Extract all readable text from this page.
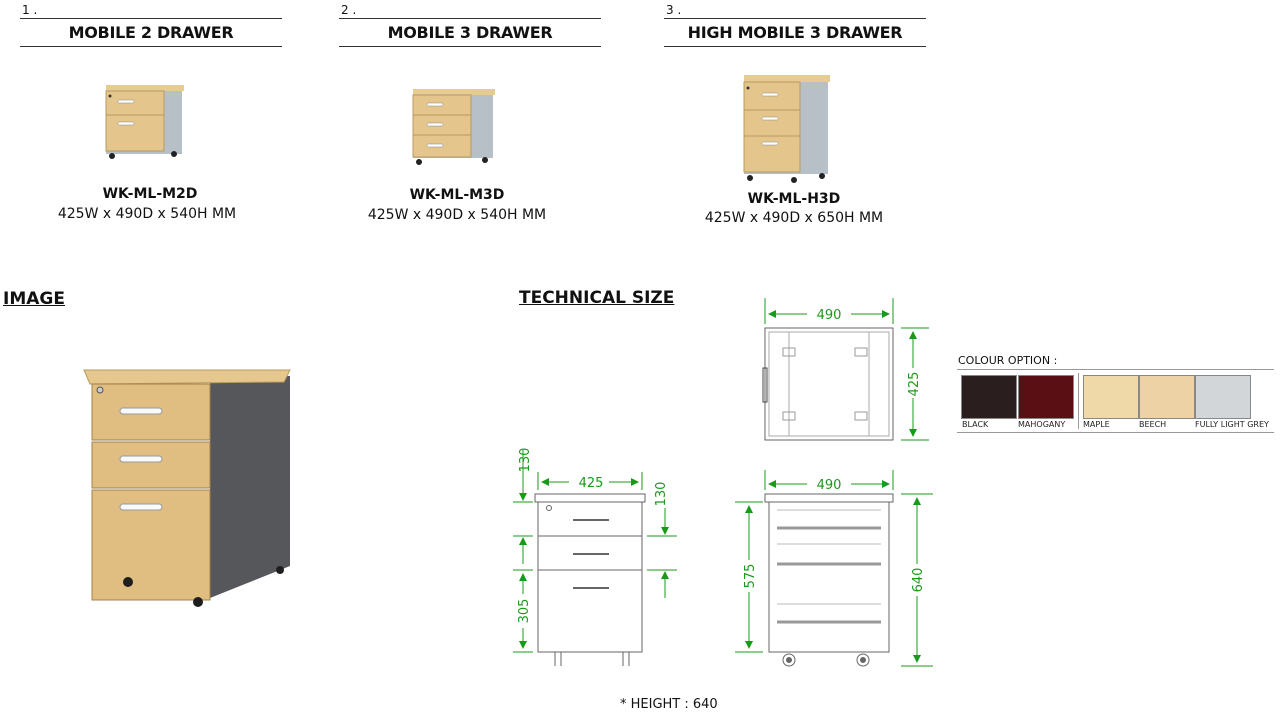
1 .
MOBILE 2 DRAWER
2 .
MOBILE 3 DRAWER
3 .
HIGH MOBILE 3 DRAWER
WK-ML-M2D
425W x 490D x 540H MM
WK-ML-M3D
425W x 490D x 540H MM
WK-ML-H3D
425W x 490D x 650H MM
IMAGE	TECHNICAL SIZE
490
425
425
130
130
305
490
575	640
COLOUR OPTION :
BLACK	MAHOGANY MAPLE	BEECH	FULLY LIGHT GREY
* HEIGHT : 640
